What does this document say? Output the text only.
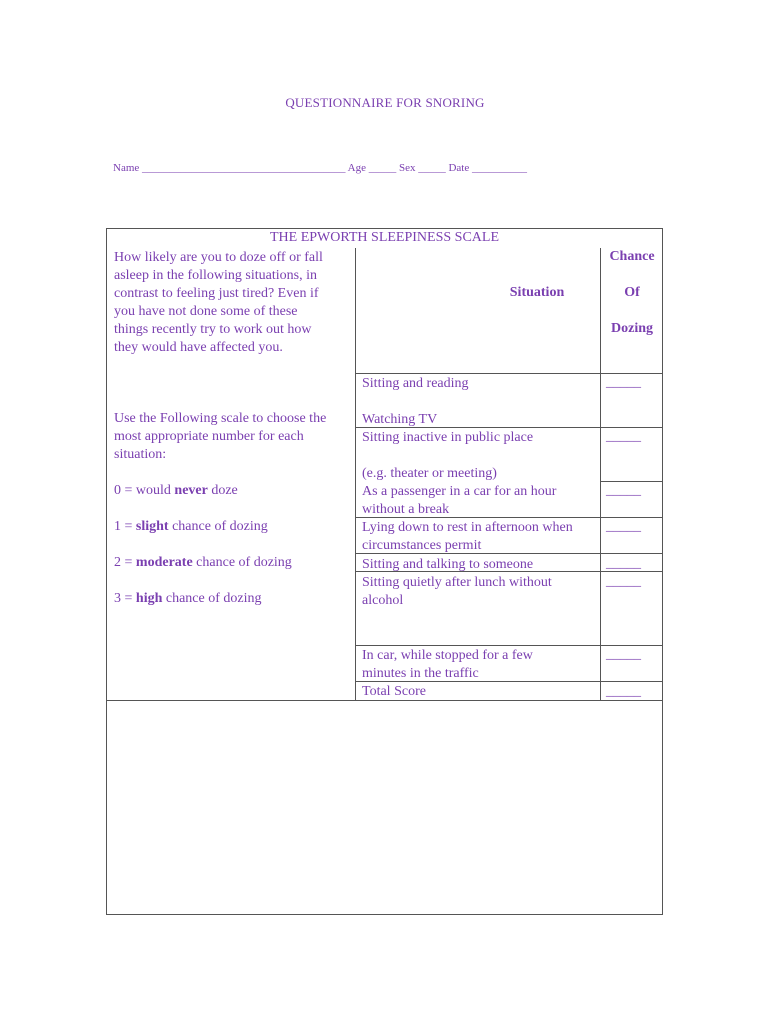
QUESTIONNAIRE FOR SNORING
Name _____________________________________ Age _____ Sex _____ Date __________
THE EPWORTH SLEEPINESS SCALE
How likely are you to doze off or fall
asleep in the following situations, in
contrast to feeling just tired? Even if
you have not done some of these
things recently try to work out how
they would have affected you.
Use the Following scale to choose the
most appropriate number for each
situation:
0 = would never doze
1 = slight chance of dozing
2 = moderate chance of dozing
3 = high chance of dozing
Situation
Chance
Of
Dozing
Sitting and reading
Watching TV
Sitting inactive in public place
(e.g. theater or meeting)
As a passenger in a car for an hour
without a break
Lying down to rest in afternoon when
circumstances permit
Sitting and talking to someone
Sitting quietly after lunch without
alcohol
In car, while stopped for a few
minutes in the traffic
Total Score
_____
_____
_____
_____
_____
_____
_____
_____
